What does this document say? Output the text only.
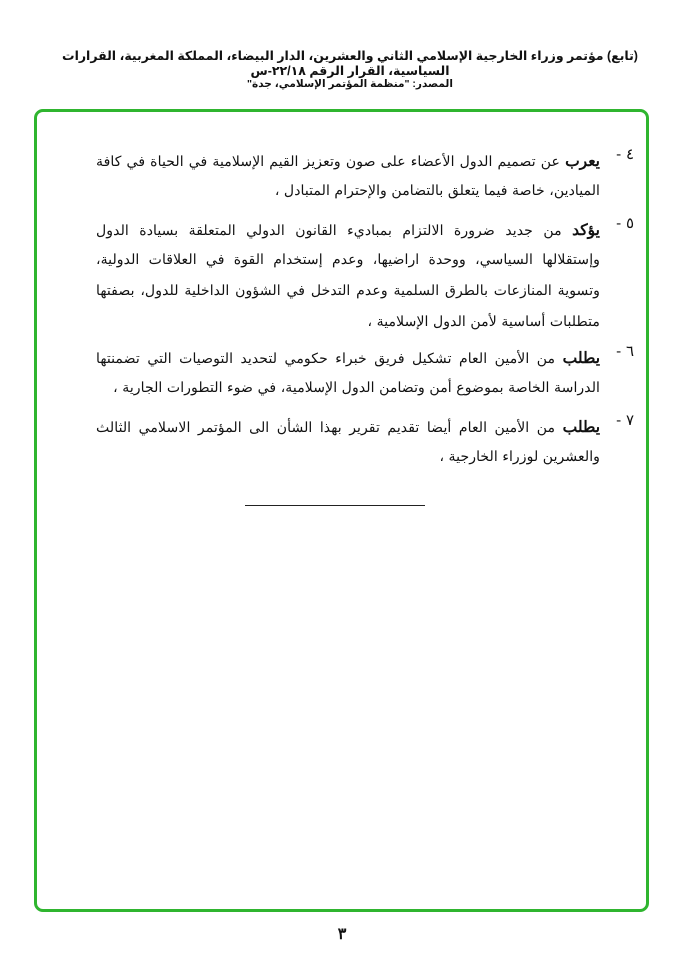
(تابع) مؤتمر وزراء الخارجية الإسلامي الثاني والعشرين، الدار البيضاء، المملكة المغربية، القرارات السياسية، القرار الرقم ٢٢/١٨-س
المصدر: "منظمة المؤتمر الإسلامي، جدة"
٤ -
يعرب عن تصميم الدول الأعضاء على صون وتعزيز القيم الإسلامية في الحياة في كافة
الميادين، خاصة فيما يتعلق بالتضامن والإحترام المتبادل ،
٥ -
يؤكد من جديد ضرورة الالتزام بمباديء القانون الدولي المتعلقة بسيادة الدول
وإستقلالها السياسي، ووحدة اراضيها، وعدم إستخدام القوة في العلاقات الدولية،
وتسوية المنازعات بالطرق السلمية وعدم التدخل في الشؤون الداخلية للدول، بصفتها
متطلبات أساسية لأمن الدول الإسلامية ،
٦ -
يطلب من الأمين العام تشكيل فريق خبراء حكومي لتحديد التوصيات التي تضمنتها
الدراسة الخاصة بموضوع أمن وتضامن الدول الإسلامية، في ضوء التطورات الجارية ،
٧ -
يطلب من الأمين العام أيضا تقديم تقرير بهذا الشأن الى المؤتمر الاسلامي الثالث
والعشرين لوزراء الخارجية ،
٣
